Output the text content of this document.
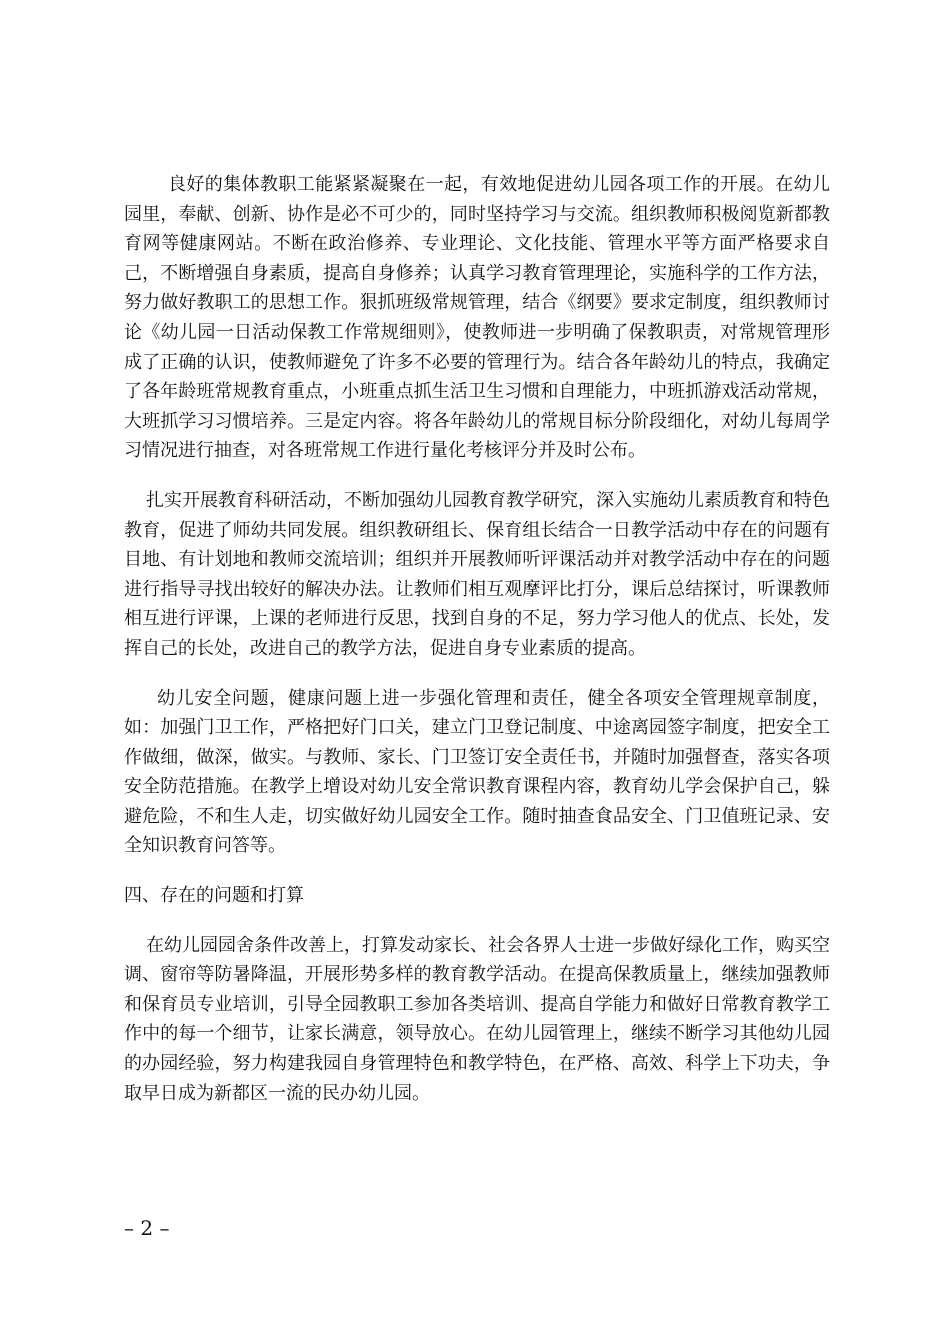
良好的集体教职工能紧紧凝聚在一起，有效地促进幼儿园各项工作的开展。在幼儿园里，奉献、创新、协作是必不可少的，同时坚持学习与交流。组织教师积极阅览新都教育网等健康网站。不断在政治修养、专业理论、文化技能、管理水平等方面严格要求自己，不断增强自身素质，提高自身修养；认真学习教育管理理论，实施科学的工作方法，努力做好教职工的思想工作。狠抓班级常规管理，结合《纲要》要求定制度，组织教师讨论《幼儿园一日活动保教工作常规细则》，使教师进一步明确了保教职责，对常规管理形成了正确的认识，使教师避免了许多不必要的管理行为。结合各年龄幼儿的特点，我确定了各年龄班常规教育重点，小班重点抓生活卫生习惯和自理能力，中班抓游戏活动常规，大班抓学习习惯培养。三是定内容。将各年龄幼儿的常规目标分阶段细化，对幼儿每周学习情况进行抽查，对各班常规工作进行量化考核评分并及时公布。

扎实开展教育科研活动，不断加强幼儿园教育教学研究，深入实施幼儿素质教育和特色教育，促进了师幼共同发展。组织教研组长、保育组长结合一日教学活动中存在的问题有目地、有计划地和教师交流培训；组织并开展教师听评课活动并对教学活动中存在的问题进行指导寻找出较好的解决办法。让教师们相互观摩评比打分，课后总结探讨，听课教师相互进行评课，上课的老师进行反思，找到自身的不足，努力学习他人的优点、长处，发挥自己的长处，改进自己的教学方法，促进自身专业素质的提高。

幼儿安全问题，健康问题上进一步强化管理和责任，健全各项安全管理规章制度，如：加强门卫工作，严格把好门口关，建立门卫登记制度、中途离园签字制度，把安全工作做细，做深，做实。与教师、家长、门卫签订安全责任书，并随时加强督查，落实各项安全防范措施。在教学上增设对幼儿安全常识教育课程内容，教育幼儿学会保护自己，躲避危险，不和生人走，切实做好幼儿园安全工作。随时抽查食品安全、门卫值班记录、安全知识教育问答等。

四、存在的问题和打算

在幼儿园园舍条件改善上，打算发动家长、社会各界人士进一步做好绿化工作，购买空调、窗帘等防暑降温，开展形势多样的教育教学活动。在提高保教质量上，继续加强教师和保育员专业培训，引导全园教职工参加各类培训、提高自学能力和做好日常教育教学工作中的每一个细节，让家长满意，领导放心。在幼儿园管理上，继续不断学习其他幼儿园的办园经验，努力构建我园自身管理特色和教学特色，在严格、高效、科学上下功夫，争取早日成为新都区一流的民办幼儿园。

– 2 –
